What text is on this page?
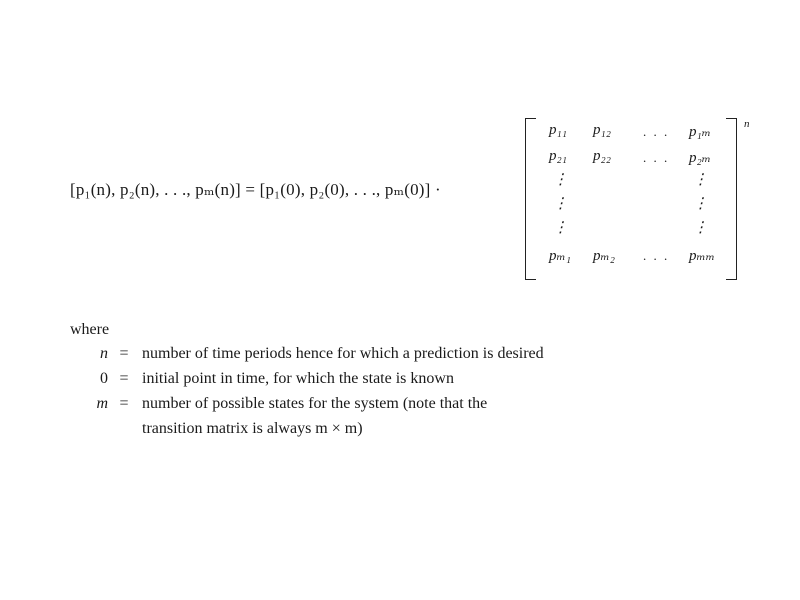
[p₁(n), p₂(n), . . ., pₘ(n)] = [p₁(0), p₂(0), . . ., pₘ(0)] ·
p₁₁ p₁₂ . . . p₁ₘ
p₂₁ p₂₂ . . . p₂ₘ
⋮
⋮
⋮
⋮
⋮
⋮
pₘ₁ pₘ₂ . . . pₘₘ
n
where
n = number of time periods hence for which a prediction is desired
0 = initial point in time, for which the state is known
m = number of possible states for the system (note that the
transition matrix is always m × m)
